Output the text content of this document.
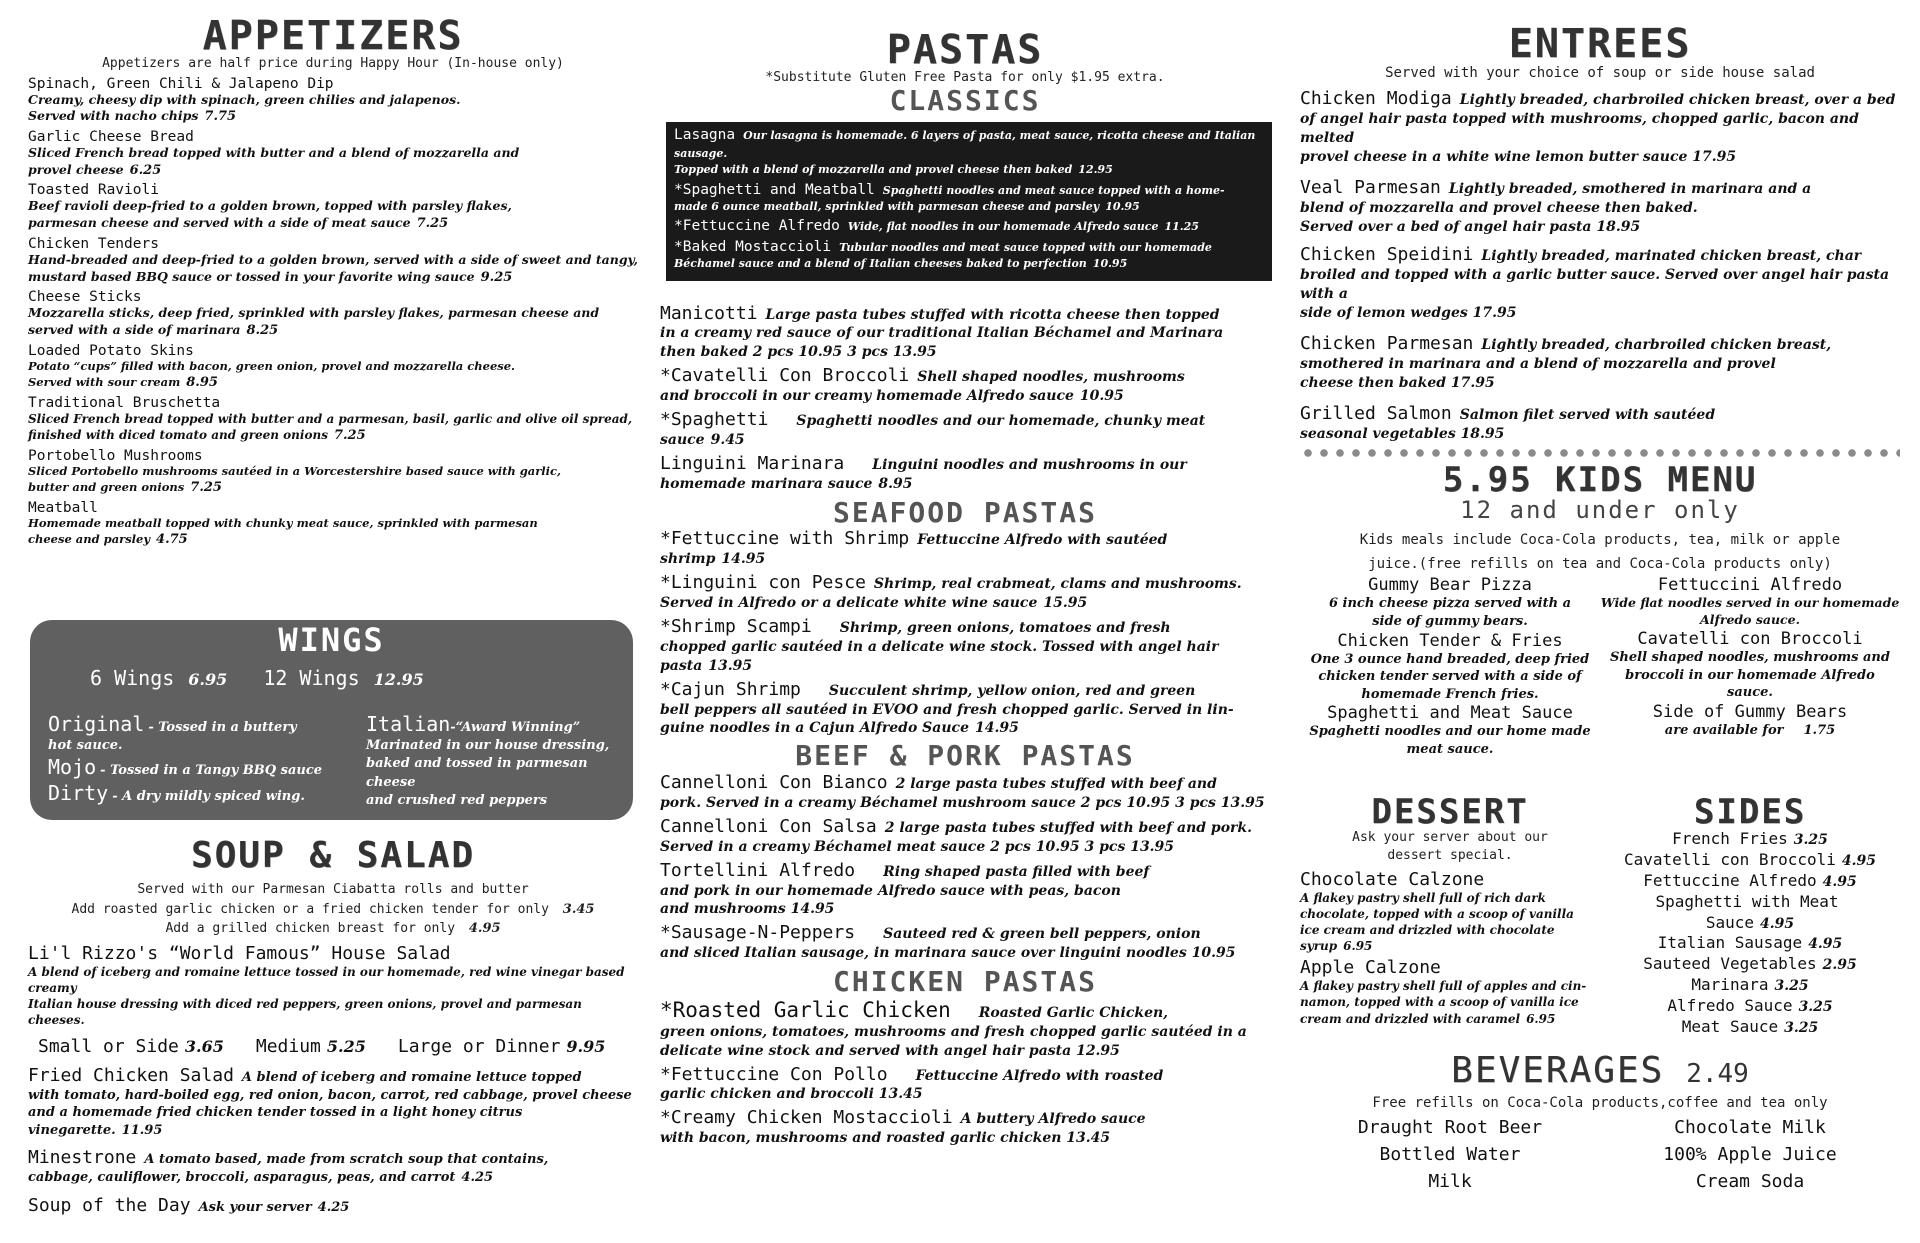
APPETIZERS
Appetizers are half price during Happy Hour (In-house only)
Spinach, Green Chili & Jalapeno Dip
Creamy, cheesy dip with spinach, green chilies and jalapenos.
Served with nacho chips 7.75
Garlic Cheese Bread
Sliced French bread topped with butter and a blend of mozzarella and
provel cheese 6.25
Toasted Ravioli
Beef ravioli deep-fried to a golden brown, topped with parsley flakes,
parmesan cheese and served with a side of meat sauce 7.25
Chicken Tenders
Hand-breaded and deep-fried to a golden brown, served with a side of sweet and tangy,
mustard based BBQ sauce or tossed in your favorite wing sauce 9.25
Cheese Sticks
Mozzarella sticks, deep fried, sprinkled with parsley flakes, parmesan cheese and
served with a side of marinara 8.25
Loaded Potato Skins
Potato “cups” filled with bacon, green onion, provel and mozzarella cheese.
Served with sour cream 8.95
Traditional Bruschetta
Sliced French bread topped with butter and a parmesan, basil, garlic and olive oil spread,
finished with diced tomato and green onions 7.25
Portobello Mushrooms
Sliced Portobello mushrooms sautéed in a Worcestershire based sauce with garlic,
butter and green onions 7.25
Meatball
Homemade meatball topped with chunky meat sauce, sprinkled with parmesan
cheese and parsley 4.75
WINGS
6 Wings 6.95 12 Wings 12.95
Original - Tossed in a buttery
hot sauce.
Mojo - Tossed in a Tangy BBQ sauce
Dirty - A dry mildly spiced wing.
Italian-“Award Winning”
Marinated in our house dressing,
baked and tossed in parmesan cheese
and crushed red peppers
SOUP & SALAD
Served with our Parmesan Ciabatta rolls and butter
Add roasted garlic chicken or a fried chicken tender for only 3.45
Add a grilled chicken breast for only 4.95
Li'l Rizzo's “World Famous” House Salad
A blend of iceberg and romaine lettuce tossed in our homemade, red wine vinegar based creamy
Italian house dressing with diced red peppers, green onions, provel and parmesan cheeses.
Small or Side 3.65 Medium 5.25 Large or Dinner 9.95
Fried Chicken Salad A blend of iceberg and romaine lettuce topped
with tomato, hard-boiled egg, red onion, bacon, carrot, red cabbage, provel cheese
and a homemade fried chicken tender tossed in a light honey citrus vinegarette. 11.95
Minestrone A tomato based, made from scratch soup that contains,
cabbage, cauliflower, broccoli, asparagus, peas, and carrot 4.25
Soup of the Day Ask your server 4.25
PASTAS
*Substitute Gluten Free Pasta for only $1.95 extra.
CLASSICS
Lasagna Our lasagna is homemade. 6 layers of pasta, meat sauce, ricotta cheese and Italian sausage.
Topped with a blend of mozzarella and provel cheese then baked 12.95
*Spaghetti and Meatball Spaghetti noodles and meat sauce topped with a home-
made 6 ounce meatball, sprinkled with parmesan cheese and parsley 10.95
*Fettuccine Alfredo Wide, flat noodles in our homemade Alfredo sauce 11.25
*Baked Mostaccioli Tubular noodles and meat sauce topped with our homemade
Béchamel sauce and a blend of Italian cheeses baked to perfection 10.95
Manicotti Large pasta tubes stuffed with ricotta cheese then topped
in a creamy red sauce of our traditional Italian Béchamel and Marinara
then baked 2 pcs 10.95 3 pcs 13.95
*Cavatelli Con Broccoli Shell shaped noodles, mushrooms
and broccoli in our creamy homemade Alfredo sauce 10.95
*Spaghetti Spaghetti noodles and our homemade, chunky meat
sauce 9.45
Linguini Marinara Linguini noodles and mushrooms in our
homemade marinara sauce 8.95
SEAFOOD PASTAS
*Fettuccine with Shrimp Fettuccine Alfredo with sautéed
shrimp 14.95
*Linguini con Pesce Shrimp, real crabmeat, clams and mushrooms.
Served in Alfredo or a delicate white wine sauce 15.95
*Shrimp Scampi Shrimp, green onions, tomatoes and fresh
chopped garlic sautéed in a delicate wine stock. Tossed with angel hair
pasta 13.95
*Cajun Shrimp Succulent shrimp, yellow onion, red and green
bell peppers all sautéed in EVOO and fresh chopped garlic. Served in lin-
guine noodles in a Cajun Alfredo Sauce 14.95
BEEF & PORK PASTAS
Cannelloni Con Bianco 2 large pasta tubes stuffed with beef and
pork. Served in a creamy Béchamel mushroom sauce 2 pcs 10.95 3 pcs 13.95
Cannelloni Con Salsa 2 large pasta tubes stuffed with beef and pork.
Served in a creamy Béchamel meat sauce 2 pcs 10.95 3 pcs 13.95
Tortellini Alfredo Ring shaped pasta filled with beef
and pork in our homemade Alfredo sauce with peas, bacon
and mushrooms 14.95
*Sausage-N-Peppers Sauteed red & green bell peppers, onion
and sliced Italian sausage, in marinara sauce over linguini noodles 10.95
CHICKEN PASTAS
*Roasted Garlic Chicken Roasted Garlic Chicken,
green onions, tomatoes, mushrooms and fresh chopped garlic sautéed in a
delicate wine stock and served with angel hair pasta 12.95
*Fettuccine Con Pollo Fettuccine Alfredo with roasted
garlic chicken and broccoli 13.45
*Creamy Chicken Mostaccioli A buttery Alfredo sauce
with bacon, mushrooms and roasted garlic chicken 13.45
ENTREES
Served with your choice of soup or side house salad
Chicken Modiga Lightly breaded, charbroiled chicken breast, over a bed
of angel hair pasta topped with mushrooms, chopped garlic, bacon and melted
provel cheese in a white wine lemon butter sauce 17.95
Veal Parmesan Lightly breaded, smothered in marinara and a
blend of mozzarella and provel cheese then baked.
Served over a bed of angel hair pasta 18.95
Chicken Speidini Lightly breaded, marinated chicken breast, char
broiled and topped with a garlic butter sauce. Served over angel hair pasta with a
side of lemon wedges 17.95
Chicken Parmesan Lightly breaded, charbroiled chicken breast,
smothered in marinara and a blend of mozzarella and provel
cheese then baked 17.95
Grilled Salmon Salmon filet served with sautéed
seasonal vegetables 18.95
5.95 KIDS MENU
12 and under only
Kids meals include Coca-Cola products, tea, milk or apple
juice.(free refills on tea and Coca-Cola products only)
Gummy Bear Pizza
6 inch cheese pizza served with a
side of gummy bears.
Chicken Tender & Fries
One 3 ounce hand breaded, deep fried
chicken tender served with a side of
homemade French fries.
Spaghetti and Meat Sauce
Spaghetti noodles and our home made
meat sauce.
Fettuccini Alfredo
Wide flat noodles served in our homemade
Alfredo sauce.
Cavatelli con Broccoli
Shell shaped noodles, mushrooms and
broccoli in our homemade Alfredo sauce.
Side of Gummy Bears
are available for 1.75
DESSERT
Ask your server about our
dessert special.
Chocolate Calzone
A flakey pastry shell full of rich dark
chocolate, topped with a scoop of vanilla
ice cream and drizzled with chocolate
syrup 6.95
Apple Calzone
A flakey pastry shell full of apples and cin-
namon, topped with a scoop of vanilla ice
cream and drizzled with caramel 6.95
SIDES
French Fries 3.25
Cavatelli con Broccoli 4.95
Fettuccine Alfredo 4.95
Spaghetti with Meat
Sauce 4.95
Italian Sausage 4.95
Sauteed Vegetables 2.95
Marinara 3.25
Alfredo Sauce 3.25
Meat Sauce 3.25
BEVERAGES 2.49
Free refills on Coca-Cola products,coffee and tea only
Draught Root Beer
Bottled Water
Milk
Chocolate Milk
100% Apple Juice
Cream Soda
